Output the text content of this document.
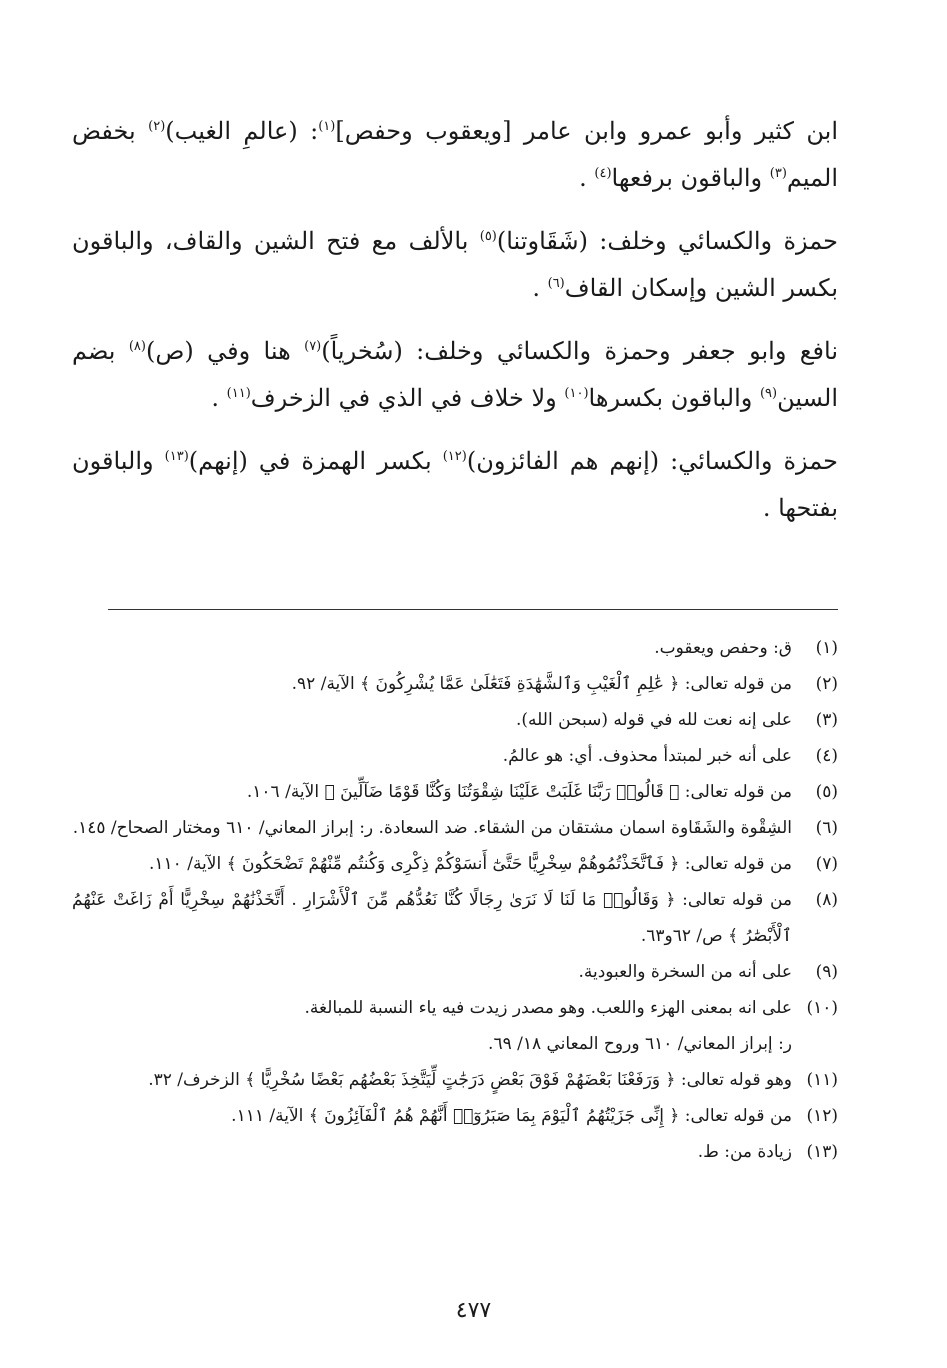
ابن كثير وأبو عمرو وابن عامر [ويعقوب وحفص]$^{(١)}$: (عالمِ الغيب)$^{(٢)}$ بخفض الميم$^{(٣)}$ والباقون برفعها$^{(٤)}$ .

حمزة والكسائي وخلف: (شَقَاوتنا)$^{(٥)}$ بالألف مع فتح الشين والقاف، والباقون بكسر الشين وإسكان القاف$^{(٦)}$ .

نافع وابو جعفر وحمزة والكسائي وخلف: (سُخرياً)$^{(٧)}$ هنا وفي (ص)$^{(٨)}$ بضم السين$^{(٩)}$ والباقون بكسرها$^{(١٠)}$ ولا خلاف في الذي في الزخرف$^{(١١)}$ .

حمزة والكسائي: (إنهم هم الفائزون)$^{(١٢)}$ بكسر الهمزة في (إنهم)$^{(١٣)}$ والباقون بفتحها .

(١)
ق: وحفص ويعقوب.
(٢)
من قوله تعالى: ﴿ عَٰلِمِ ٱلْغَيْبِ وَٱلشَّهَٰدَةِ فَتَعَٰلَىٰ عَمَّا يُشْرِكُونَ ﴾ الآية/ ٩٢.
(٣)
على إنه نعت لله في قوله (سبحن الله).
(٤)
على أنه خبر لمبتدأ محذوف. أي: هو عالمُ.
(٥)
من قوله تعالى: ﴿ قَالُوا۟ رَبَّنَا غَلَبَتْ عَلَيْنَا شِقْوَتُنَا وَكُنَّا قَوْمًا ضَآلِّينَ ﴾ الآية/ ١٠٦.
(٦)
الشِقْوة والشَقَاوة اسمان مشتقان من الشقاء. ضد السعادة. ر: إبراز المعاني/ ٦١٠ ومختار الصحاح/ ١٤٥.
(٧)
من قوله تعالى: ﴿ فَٱتَّخَذْتُمُوهُمْ سِخْرِيًّا حَتَّىٰٓ أَنسَوْكُمْ ذِكْرِى وَكُنتُم مِّنْهُمْ تَضْحَكُونَ ﴾ الآية/ ١١٠.
(٨)
من قوله تعالى: ﴿ وَقَالُوا۟ مَا لَنَا لَا نَرَىٰ رِجَالًا كُنَّا نَعُدُّهُم مِّنَ ٱلْأَشْرَارِ . أَتَّخَذْنَٰهُمْ سِخْرِيًّا أَمْ زَاغَتْ عَنْهُمُ ٱلْأَبْصَٰرُ ﴾ ص/ ٦٢و٦٣.
(٩)
على أنه من السخرة والعبودية.
(١٠)
على انه بمعنى الهزء واللعب. وهو مصدر زيدت فيه ياء النسبة للمبالغة.
ر: إبراز المعاني/ ٦١٠ وروح المعاني ١٨/ ٦٩.
(١١)
وهو قوله تعالى: ﴿ وَرَفَعْنَا بَعْضَهُمْ فَوْقَ بَعْضٍ دَرَجَٰتٍ لِّيَتَّخِذَ بَعْضُهُم بَعْضًا سُخْرِيًّا ﴾ الزخرف/ ٣٢.
(١٢)
من قوله تعالى: ﴿ إِنِّى جَزَيْتُهُمُ ٱلْيَوْمَ بِمَا صَبَرُوٓا۟ أَنَّهُمْ هُمُ ٱلْفَآئِزُونَ ﴾ الآية/ ١١١.
(١٣)
زيادة من: ط.
٤٧٧
